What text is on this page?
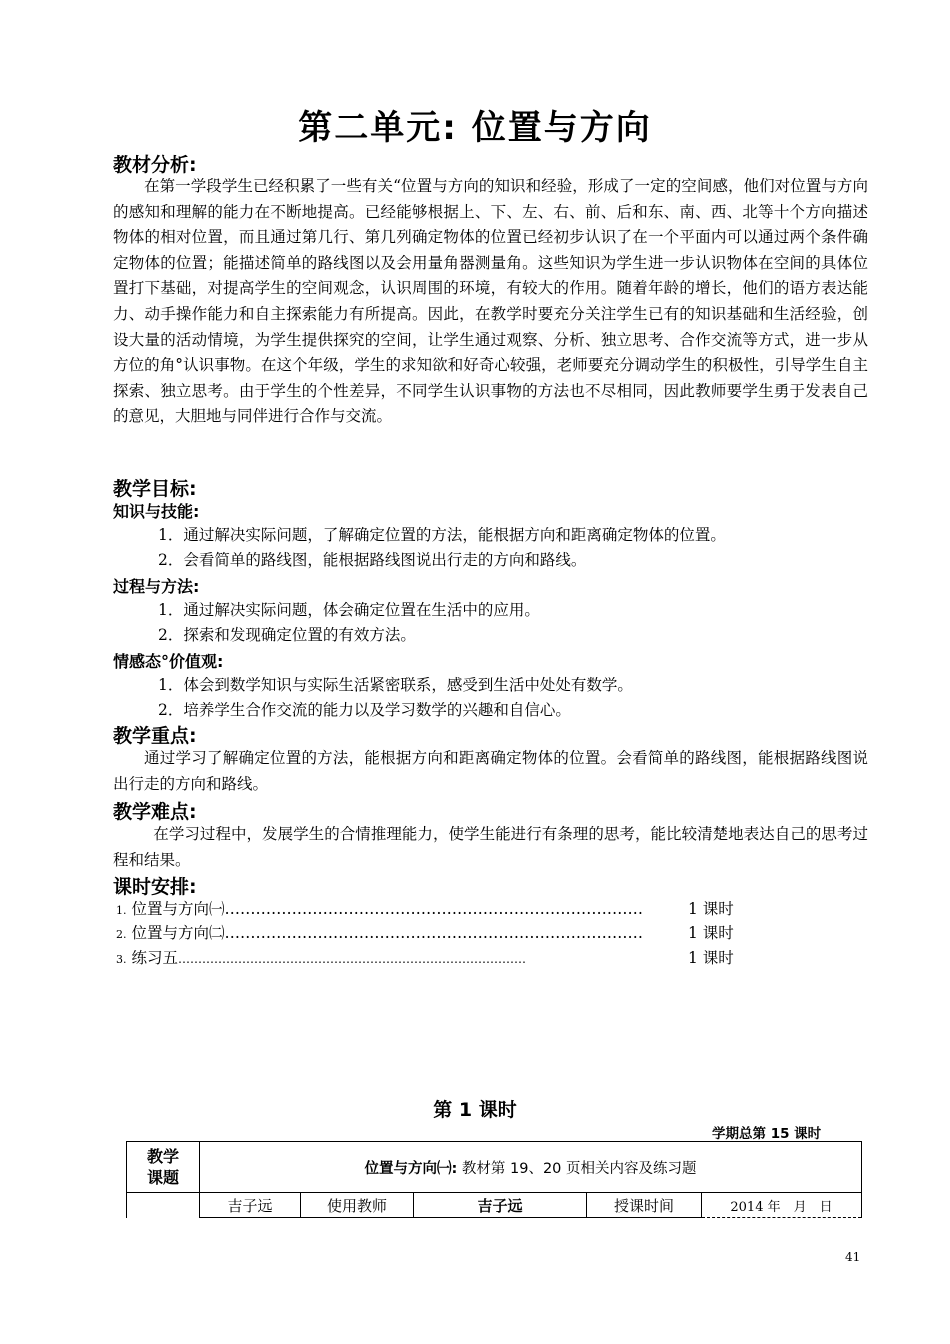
第二单元: 位置与方向
教材分析:
在第一学段学生已经积累了一些有关“位置与方向的知识和经验，形成了一定的空间感，他们对位置与方向的感知和理解的能力在不断地提高。已经能够根据上、下、左、右、前、后和东、南、西、北等十个方向描述物体的相对位置，而且通过第几行、第几列确定物体的位置已经初步认识了在一个平面内可以通过两个条件确定物体的位置；能描述简单的路线图以及会用量角器测量角。这些知识为学生进一步认识物体在空间的具体位置打下基础，对提高学生的空间观念，认识周围的环境，有较大的作用。随着年龄的增长，他们的语方表达能力、动手操作能力和自主探索能力有所提高。因此，在教学时要充分关注学生已有的知识基础和生活经验，创设大量的活动情境，为学生提供探究的空间，让学生通过观察、分析、独立思考、合作交流等方式，进一步从方位的角°认识事物。在这个年级，学生的求知欲和好奇心较强，老师要充分调动学生的积极性，引导学生自主探索、独立思考。由于学生的个性差异，不同学生认识事物的方法也不尽相同，因此教师要学生勇于发表自己的意见，大胆地与同伴进行合作与交流。
教学目标:
知识与技能:
1．通过解决实际问题，了解确定位置的方法，能根据方向和距离确定物体的位置。
2．会看简单的路线图，能根据路线图说出行走的方向和路线。
过程与方法:
1．通过解决实际问题，体会确定位置在生活中的应用。
2．探索和发现确定位置的有效方法。
情感态°价值观:
1．体会到数学知识与实际生活紧密联系，感受到生活中处处有数学。
2．培养学生合作交流的能力以及学习数学的兴趣和自信心。
教学重点:
通过学习了解确定位置的方法，能根据方向和距离确定物体的位置。会看简单的路线图，能根据路线图说出行走的方向和路线。
教学难点:
在学习过程中，发展学生的合情推理能力，使学生能进行有条理的思考，能比较清楚地表达自己的思考过程和结果。
课时安排:
1. 位置与方向㈠………………………………………………………………………	1 课时
2. 位置与方向㈡………………………………………………………………………	1 课时
3. 练习五……………………………………………………………………………	1 课时
第 1 课时
学期总第 15 课时
教学课题	位置与方向㈠: 教材第 19、20 页相关内容及练习题				
	吉子远	使用教师	吉子远	授课时间	2014 年　月　日
41
